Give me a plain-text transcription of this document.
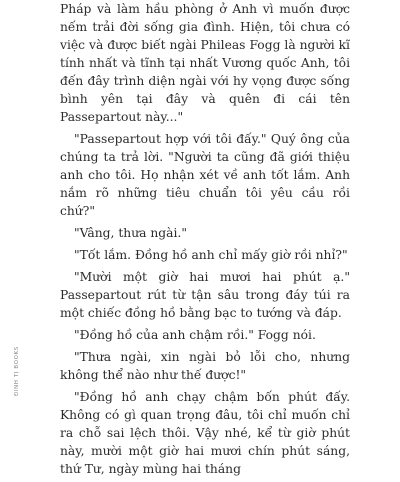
Pháp và làm hầu phòng ở Anh vì muốn được nếm trải đời sống gia đình. Hiện, tôi chưa có việc và được biết ngài Phileas Fogg là người kĩ tính nhất và tĩnh tại nhất Vương quốc Anh, tôi đến đây trình diện ngài với hy vọng được sống bình yên tại đây và quên đi cái tên Passepartout này..."

"Passepartout hợp với tôi đấy." Quý ông của chúng ta trả lời. "Người ta cũng đã giới thiệu anh cho tôi. Họ nhận xét về anh tốt lắm. Anh nắm rõ những tiêu chuẩn tôi yêu cầu rồi chứ?"

"Vâng, thưa ngài."

"Tốt lắm. Đồng hồ anh chỉ mấy giờ rồi nhỉ?"

"Mười một giờ hai mươi hai phút ạ." Passepartout rút từ tận sâu trong đáy túi ra một chiếc đồng hồ bằng bạc to tướng và đáp.

"Đồng hồ của anh chậm rồi." Fogg nói.

"Thưa ngài, xin ngài bỏ lỗi cho, nhưng không thể nào như thế được!"

"Đồng hồ anh chạy chậm bốn phút đấy. Không có gì quan trọng đâu, tôi chỉ muốn chỉ ra chỗ sai lệch thôi. Vậy nhé, kể từ giờ phút này, mười một giờ hai mươi chín phút sáng, thứ Tư, ngày mùng hai tháng

ĐINH TỊ BOOKS
